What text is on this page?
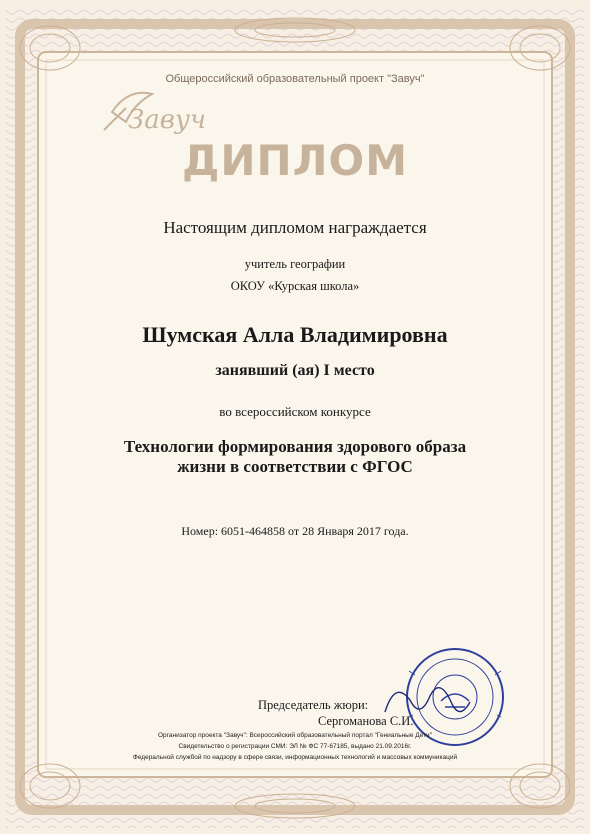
Завуч
Общероссийский образовательный проект "Завуч"
ДИПЛОМ
Настоящим дипломом награждается
учитель географии
ОКОУ «Курская школа»
Шумская Алла Владимировна
занявший (ая) I место
во всероссийском конкурсе
Технологии формирования здорового образа
жизни в соответствии с ФГОС
Номер: 6051-464858 от 28 Января 2017 года.
Председатель жюри:
Сергоманова С.И.
Организатор проекта "Завуч": Всероссийский образовательный портал "Гениальные Дети"
Свидетельство о регистрации СМИ: ЭЛ № ФС 77-67185, выдано 21.09.2016г.
Федеральной службой по надзору в сфере связи, информационных технологий и массовых коммуникаций
